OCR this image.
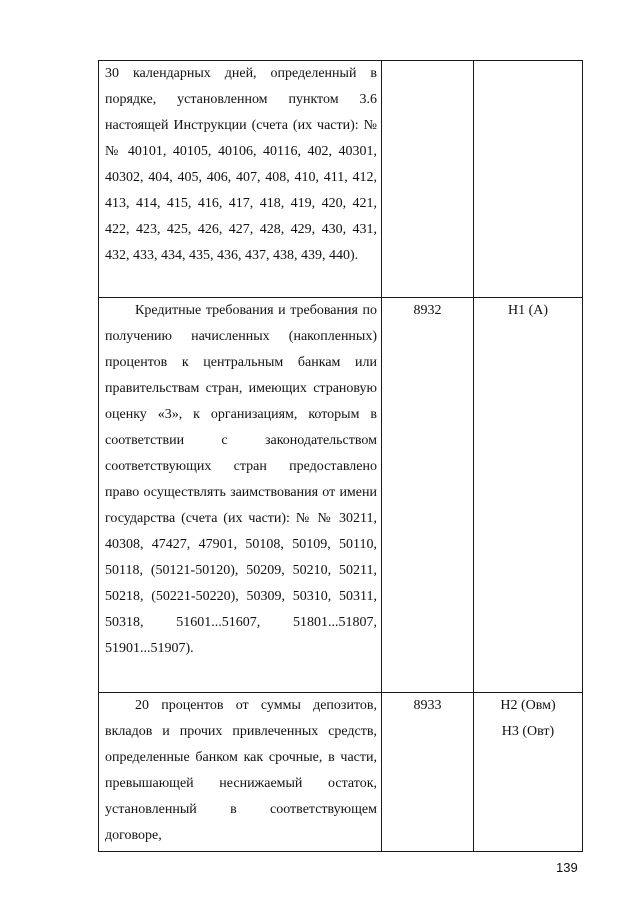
30 календарных дней, определенный в порядке, установленном пунктом 3.6 настоящей Инструкции (счета (их части): № № 40101, 40105, 40106, 40116, 402, 40301, 40302, 404, 405, 406, 407, 408, 410, 411, 412, 413, 414, 415, 416, 417, 418, 419, 420, 421, 422, 423, 425, 426, 427, 428, 429, 430, 431, 432, 433, 434, 435, 436, 437, 438, 439, 440).		
Кредитные требования и требования по получению начисленных (накопленных) процентов к центральным банкам или правительствам стран, имеющих страновую оценку «3», к организациям, которым в соответствии с законодательством соответствующих стран предоставлено право осуществлять заимствования от имени государства (счета (их части): № № 30211, 40308, 47427, 47901, 50108, 50109, 50110, 50118, (50121-50120), 50209, 50210, 50211, 50218, (50221-50220), 50309, 50310, 50311, 50318, 51601...51607, 51801...51807, 51901...51907).	8932	Н1 (А)

20 процентов от суммы депозитов, вкладов и прочих привлеченных средств, определенные банком как срочные, в части, превышающей неснижаемый остаток, установленный в соответствующем договоре,	8933	Н2 (Овм)
Н3 (Овт)
139
